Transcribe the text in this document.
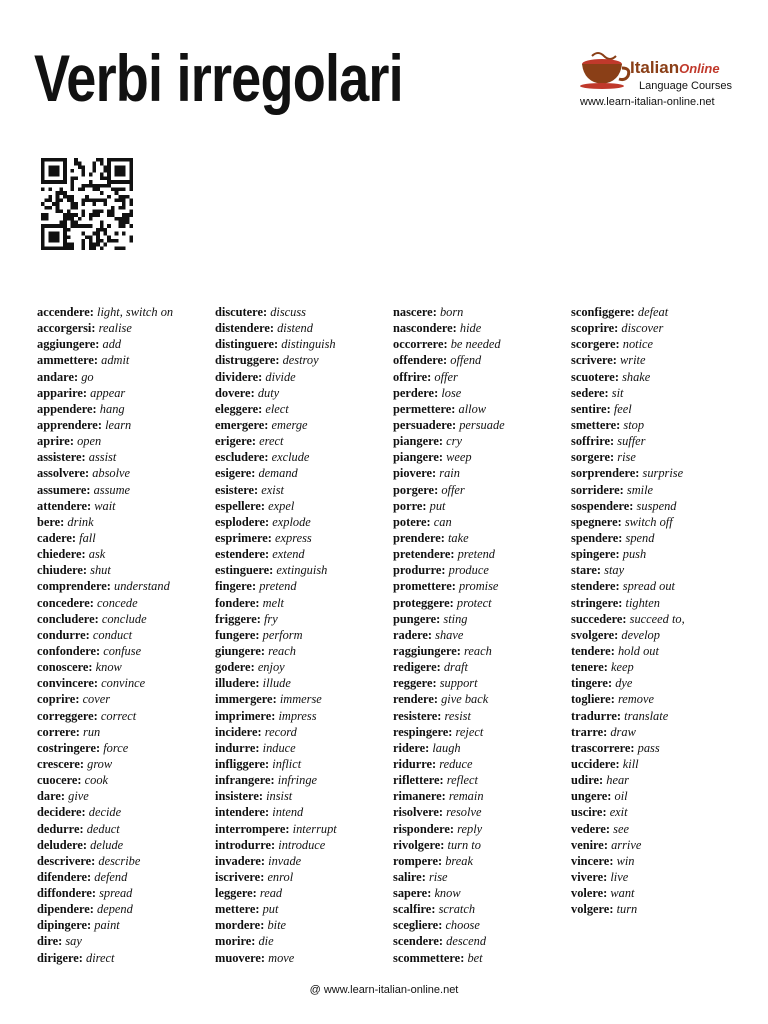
Verbi irregolari	ItalianOnline
Language Courses
www.learn-italian-online.net
accendere: light, switch on
accorgersi: realise
aggiungere: add
ammettere: admit
andare: go
apparire: appear
appendere: hang
apprendere: learn
aprire: open
assistere: assist
assolvere: absolve
assumere: assume
attendere: wait
bere: drink
cadere: fall
chiedere: ask
chiudere: shut
comprendere: understand
concedere: concede
concludere: conclude
condurre: conduct
confondere: confuse
conoscere: know
convincere: convince
coprire: cover
correggere: correct
correre: run
costringere: force
crescere: grow
cuocere: cook
dare: give
decidere: decide
dedurre: deduct
deludere: delude
descrivere: describe
difendere: defend
diffondere: spread
dipendere: depend
dipingere: paint
dire: say
dirigere: direct
discutere: discuss
distendere: distend
distinguere: distinguish
distruggere: destroy
dividere: divide
dovere: duty
eleggere: elect
emergere: emerge
erigere: erect
escludere: exclude
esigere: demand
esistere: exist
espellere: expel
esplodere: explode
esprimere: express
estendere: extend
estinguere: extinguish
fingere: pretend
fondere: melt
friggere: fry
fungere: perform
giungere: reach
godere: enjoy
illudere: illude
immergere: immerse
imprimere: impress
incidere: record
indurre: induce
infliggere: inflict
infrangere: infringe
insistere: insist
intendere: intend
interrompere: interrupt
introdurre: introduce
invadere: invade
iscrivere: enrol
leggere: read
mettere: put
mordere: bite
morire: die
muovere: move
nascere: born
nascondere: hide
occorrere: be needed
offendere: offend
offrire: offer
perdere: lose
permettere: allow
persuadere: persuade
piangere: cry
piangere: weep
piovere: rain
porgere: offer
porre: put
potere: can
prendere: take
pretendere: pretend
produrre: produce
promettere: promise
proteggere: protect
pungere: sting
radere: shave
raggiungere: reach
redigere: draft
reggere: support
rendere: give back
resistere: resist
respingere: reject
ridere: laugh
ridurre: reduce
riflettere: reflect
rimanere: remain
risolvere: resolve
rispondere: reply
rivolgere: turn to
rompere: break
salire: rise
sapere: know
scalfire: scratch
scegliere: choose
scendere: descend
scommettere: bet
sconfiggere: defeat
scoprire: discover
scorgere: notice
scrivere: write
scuotere: shake
sedere: sit
sentire: feel
smettere: stop
soffrire: suffer
sorgere: rise
sorprendere: surprise
sorridere: smile
sospendere: suspend
spegnere: switch off
spendere: spend
spingere: push
stare: stay
stendere: spread out
stringere: tighten
succedere: succeed to,
svolgere: develop
tendere: hold out
tenere: keep
tingere: dye
togliere: remove
tradurre: translate
trarre: draw
trascorrere: pass
uccidere: kill
udire: hear
ungere: oil
uscire: exit
vedere: see
venire: arrive
vincere: win
vivere: live
volere: want
volgere: turn
@ www.learn-italian-online.net
